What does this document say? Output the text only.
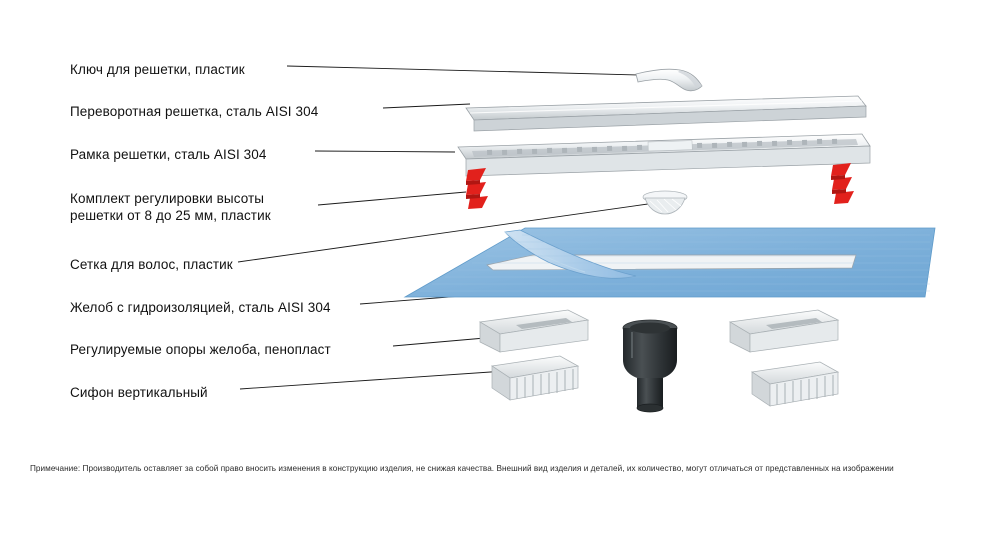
Ключ для решетки, пластик
Переворотная решетка, сталь AISI 304
Рамка решетки, сталь AISI 304
Комплект регулировки высоты
решетки от 8 до 25 мм, пластик
Сетка для волос, пластик
Желоб с гидроизоляцией, сталь AISI 304
Регулируемые опоры желоба, пенопласт
Сифон вертикальный
Примечание: Производитель оставляет за собой право вносить изменения в конструкцию изделия, не снижая качества. Внешний вид изделия и деталей, их количество, могут отличаться от представленных на изображении
